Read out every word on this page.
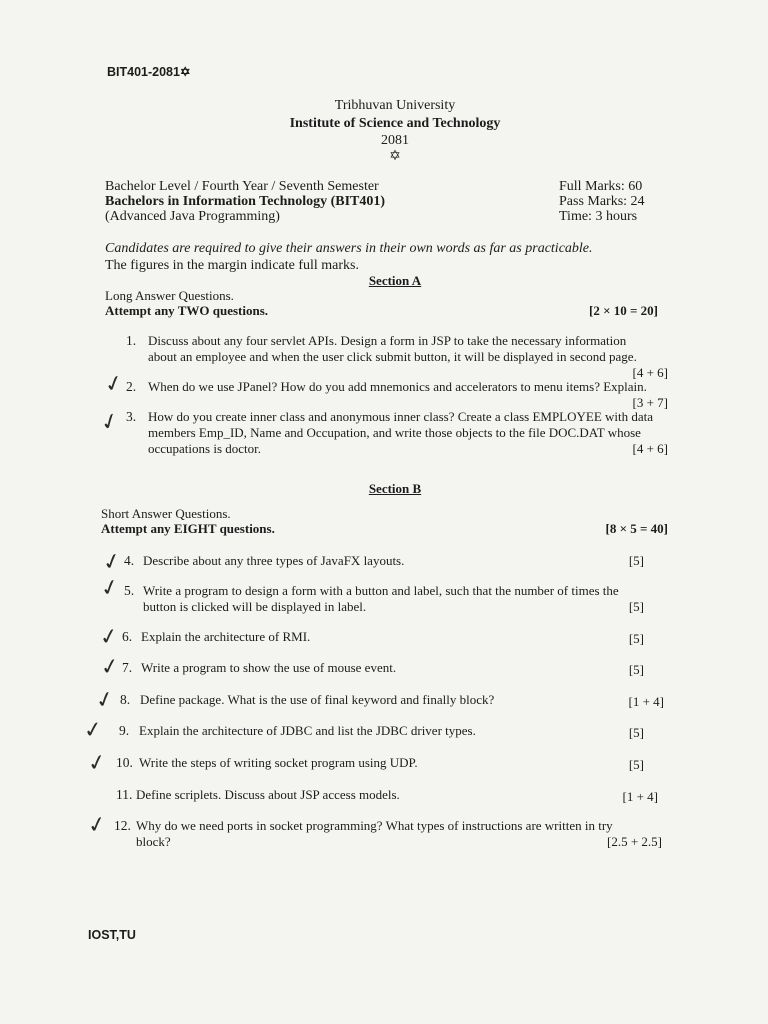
BIT401-2081✡
Tribhuvan University
Institute of Science and Technology
2081
✡
Bachelor Level / Fourth Year / Seventh Semester
Bachelors in Information Technology (BIT401)
(Advanced Java Programming)
Full Marks: 60
Pass Marks: 24
Time: 3 hours
Candidates are required to give their answers in their own words as far as practicable.
The figures in the margin indicate full marks.
Section A
Long Answer Questions.
Attempt any TWO questions.	[2 × 10 = 20]
1. Discuss about any four servlet APIs. Design a form in JSP to take the necessary information
about an employee and when the user click submit button, it will be displayed in second page.
[4 + 6]
✓ 2. When do we use JPanel? How do you add mnemonics and accelerators to menu items? Explain.
[3 + 7]
✓ 3. How do you create inner class and anonymous inner class? Create a class EMPLOYEE with data
members Emp_ID, Name and Occupation, and write those objects to the file DOC.DAT whose
occupations is doctor.	[4 + 6]
Section B
Short Answer Questions.
Attempt any EIGHT questions.	[8 × 5 = 40]
✓ 4. Describe about any three types of JavaFX layouts.	[5]
✓ 5. Write a program to design a form with a button and label, such that the number of times the
button is clicked will be displayed in label.	[5]
✓ 6. Explain the architecture of RMI.	[5]
✓ 7. Write a program to show the use of mouse event.	[5]
✓ 8. Define package. What is the use of final keyword and finally block?	[1 + 4]
✓ 9. Explain the architecture of JDBC and list the JDBC driver types.	[5]
✓ 10. Write the steps of writing socket program using UDP.	[5]
11. Define scriplets. Discuss about JSP access models.	[1 + 4]
✓ 12. Why do we need ports in socket programming? What types of instructions are written in try
block?	[2.5 + 2.5]
IOST,TU
